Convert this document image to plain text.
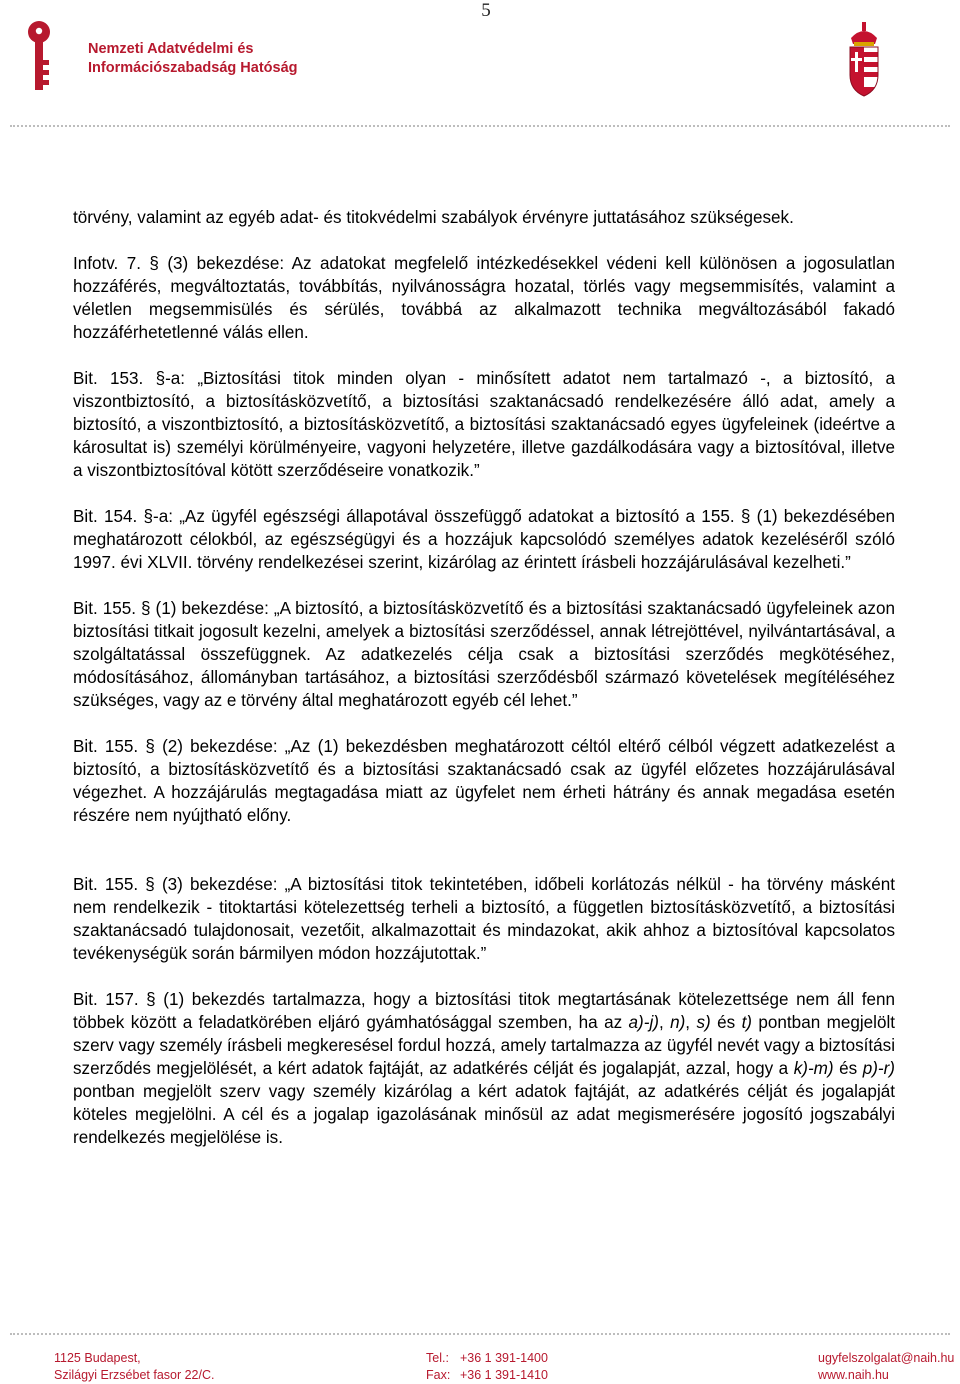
5
Nemzeti Adatvédelmi és
Információszabadság Hatóság

törvény, valamint az egyéb adat- és titokvédelmi szabályok érvényre juttatásához szükségesek.

Infotv. 7. § (3) bekezdése: Az adatokat megfelelő intézkedésekkel védeni kell különösen a jogosulatlan hozzáférés, megváltoztatás, továbbítás, nyilvánosságra hozatal, törlés vagy megsemmisítés, valamint a véletlen megsemmisülés és sérülés, továbbá az alkalmazott technika megváltozásából fakadó hozzáférhetetlenné válás ellen.

Bit. 153. §-a: „Biztosítási titok minden olyan - minősített adatot nem tartalmazó -, a biztosító, a viszontbiztosító, a biztosításközvetítő, a biztosítási szaktanácsadó rendelkezésére álló adat, amely a biztosító, a viszontbiztosító, a biztosításközvetítő, a biztosítási szaktanácsadó egyes ügyfeleinek (ideértve a károsultat is) személyi körülményeire, vagyoni helyzetére, illetve gazdálkodására vagy a biztosítóval, illetve a viszontbiztosítóval kötött szerződéseire vonatkozik.”

Bit. 154. §-a: „Az ügyfél egészségi állapotával összefüggő adatokat a biztosító a 155. § (1) bekezdésében meghatározott célokból, az egészségügyi és a hozzájuk kapcsolódó személyes adatok kezeléséről szóló 1997. évi XLVII. törvény rendelkezései szerint, kizárólag az érintett írásbeli hozzájárulásával kezelheti.”

Bit. 155. § (1) bekezdése: „A biztosító, a biztosításközvetítő és a biztosítási szaktanácsadó ügyfeleinek azon biztosítási titkait jogosult kezelni, amelyek a biztosítási szerződéssel, annak létrejöttével, nyilvántartásával, a szolgáltatással összefüggnek. Az adatkezelés célja csak a biztosítási szerződés megkötéséhez, módosításához, állományban tartásához, a biztosítási szerződésből származó követelések megítéléséhez szükséges, vagy az e törvény által meghatározott egyéb cél lehet.”

Bit. 155. § (2) bekezdése: „Az (1) bekezdésben meghatározott céltól eltérő célból végzett adatkezelést a biztosító, a biztosításközvetítő és a biztosítási szaktanácsadó csak az ügyfél előzetes hozzájárulásával végezhet. A hozzájárulás megtagadása miatt az ügyfelet nem érheti hátrány és annak megadása esetén részére nem nyújtható előny.

Bit. 155. § (3) bekezdése: „A biztosítási titok tekintetében, időbeli korlátozás nélkül - ha törvény másként nem rendelkezik - titoktartási kötelezettség terheli a biztosító, a független biztosításközvetítő, a biztosítási szaktanácsadó tulajdonosait, vezetőit, alkalmazottait és mindazokat, akik ahhoz a biztosítóval kapcsolatos tevékenységük során bármilyen módon hozzájutottak.”

Bit. 157. § (1) bekezdés tartalmazza, hogy a biztosítási titok megtartásának kötelezettsége nem áll fenn többek között a feladatkörében eljáró gyámhatósággal szemben, ha az a)-j), n), s) és t) pontban megjelölt szerv vagy személy írásbeli megkeresésel fordul hozzá, amely tartalmazza az ügyfél nevét vagy a biztosítási szerződés megjelölését, a kért adatok fajtáját, az adatkérés célját és jogalapját, azzal, hogy a k)-m) és p)-r) pontban megjelölt szerv vagy személy kizárólag a kért adatok fajtáját, az adatkérés célját és jogalapját köteles megjelölni. A cél és a jogalap igazolásának minősül az adat megismerésére jogosító jogszabályi rendelkezés megjelölése is.

1125 Budapest,
Szilágyi Erzsébet fasor 22/C.
Tel.: +36 1 391-1400
Fax: +36 1 391-1410
ugyfelszolgalat@naih.hu
www.naih.hu
